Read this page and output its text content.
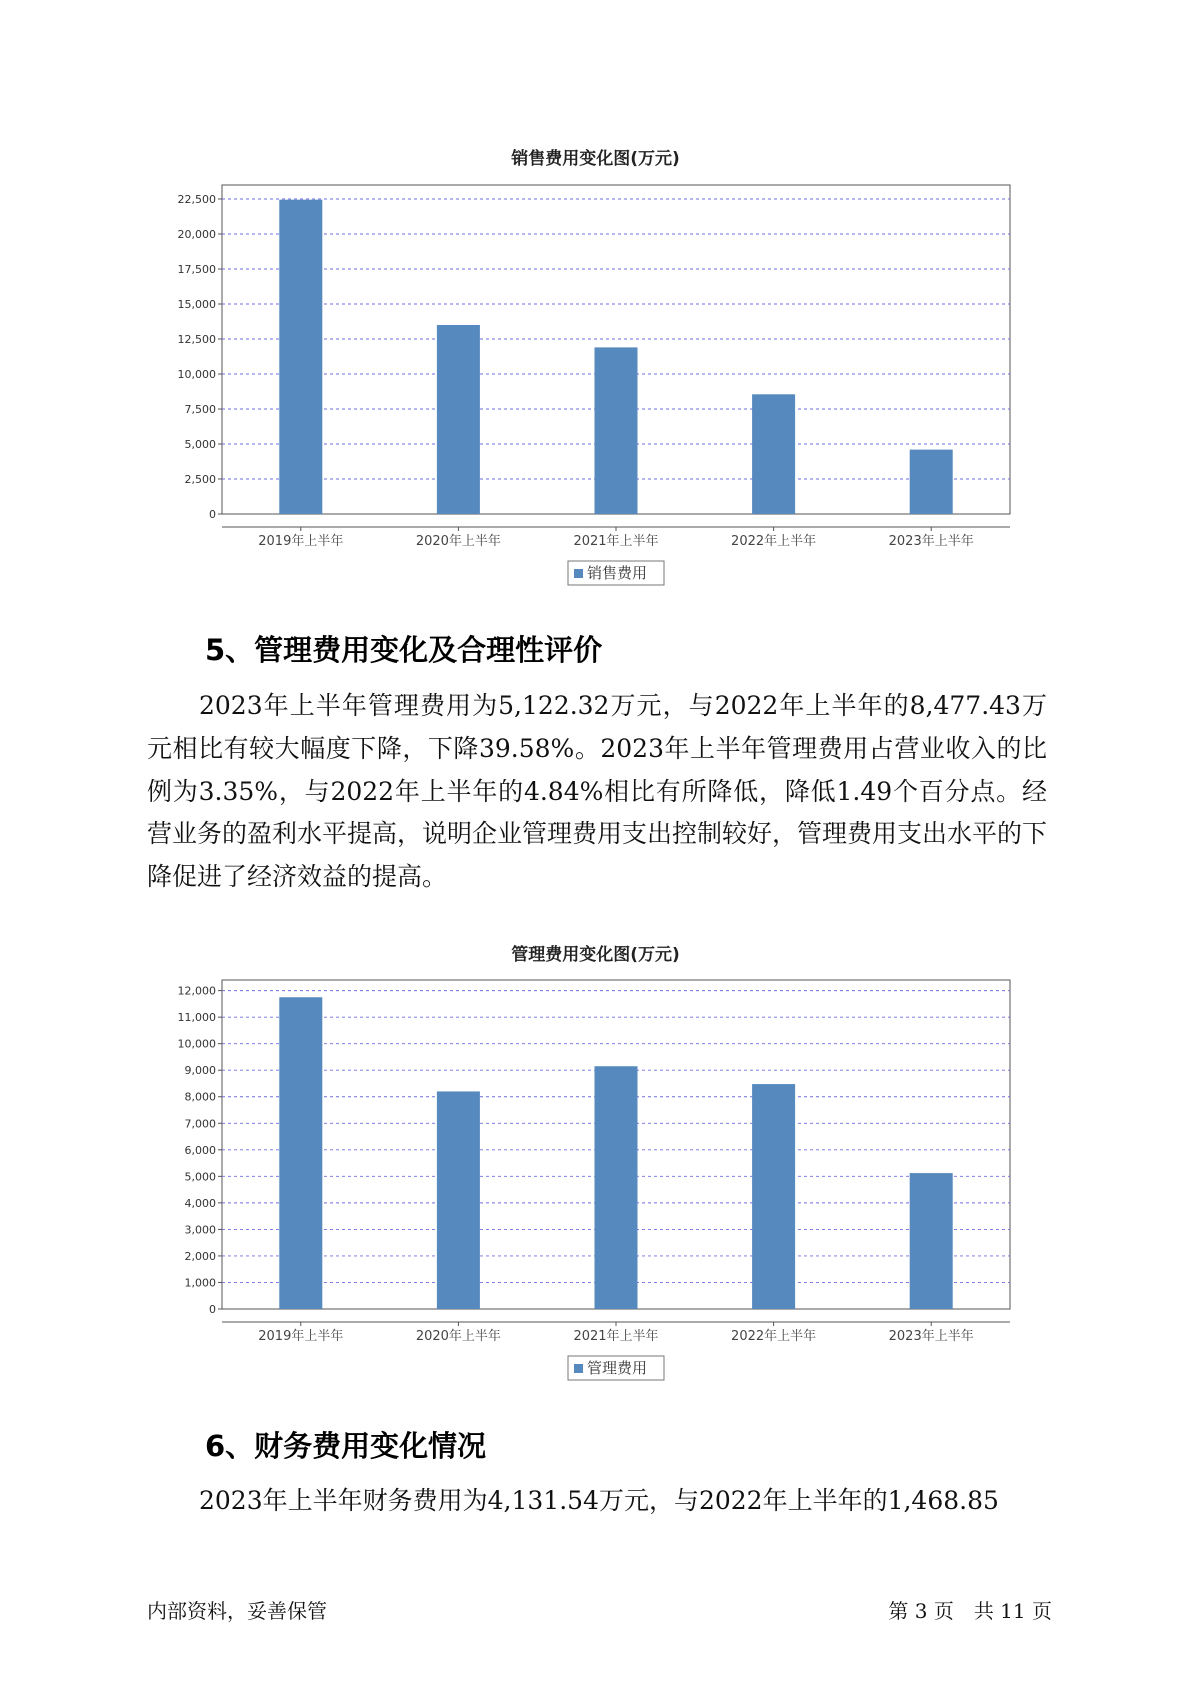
销售费用变化图(万元)
0
2,500
5,000
7,500
10,000
12,500
15,000
17,500
20,000
22,500
2019年上半年	2020年上半年	2021年上半年	2022年上半年	2023年上半年
销售费用
5、管理费用变化及合理性评价

2023年上半年管理费用为5,122.32万元，与2022年上半年的8,477.43万元相比有较大幅度下降，下降39.58%。2023年上半年管理费用占营业收入的比例为3.35%，与2022年上半年的4.84%相比有所降低，降低1.49个百分点。经营业务的盈利水平提高，说明企业管理费用支出控制较好，管理费用支出水平的下降促进了经济效益的提高。

管理费用变化图(万元)
0
1,000
2,000
3,000
4,000
5,000
6,000
7,000
8,000
9,000
10,000
11,000
12,000
2019年上半年	2020年上半年	2021年上半年	2022年上半年	2023年上半年
管理费用
6、财务费用变化情况

2023年上半年财务费用为4,131.54万元，与2022年上半年的1,468.85

内部资料，妥善保管	第 3 页　共 11 页
